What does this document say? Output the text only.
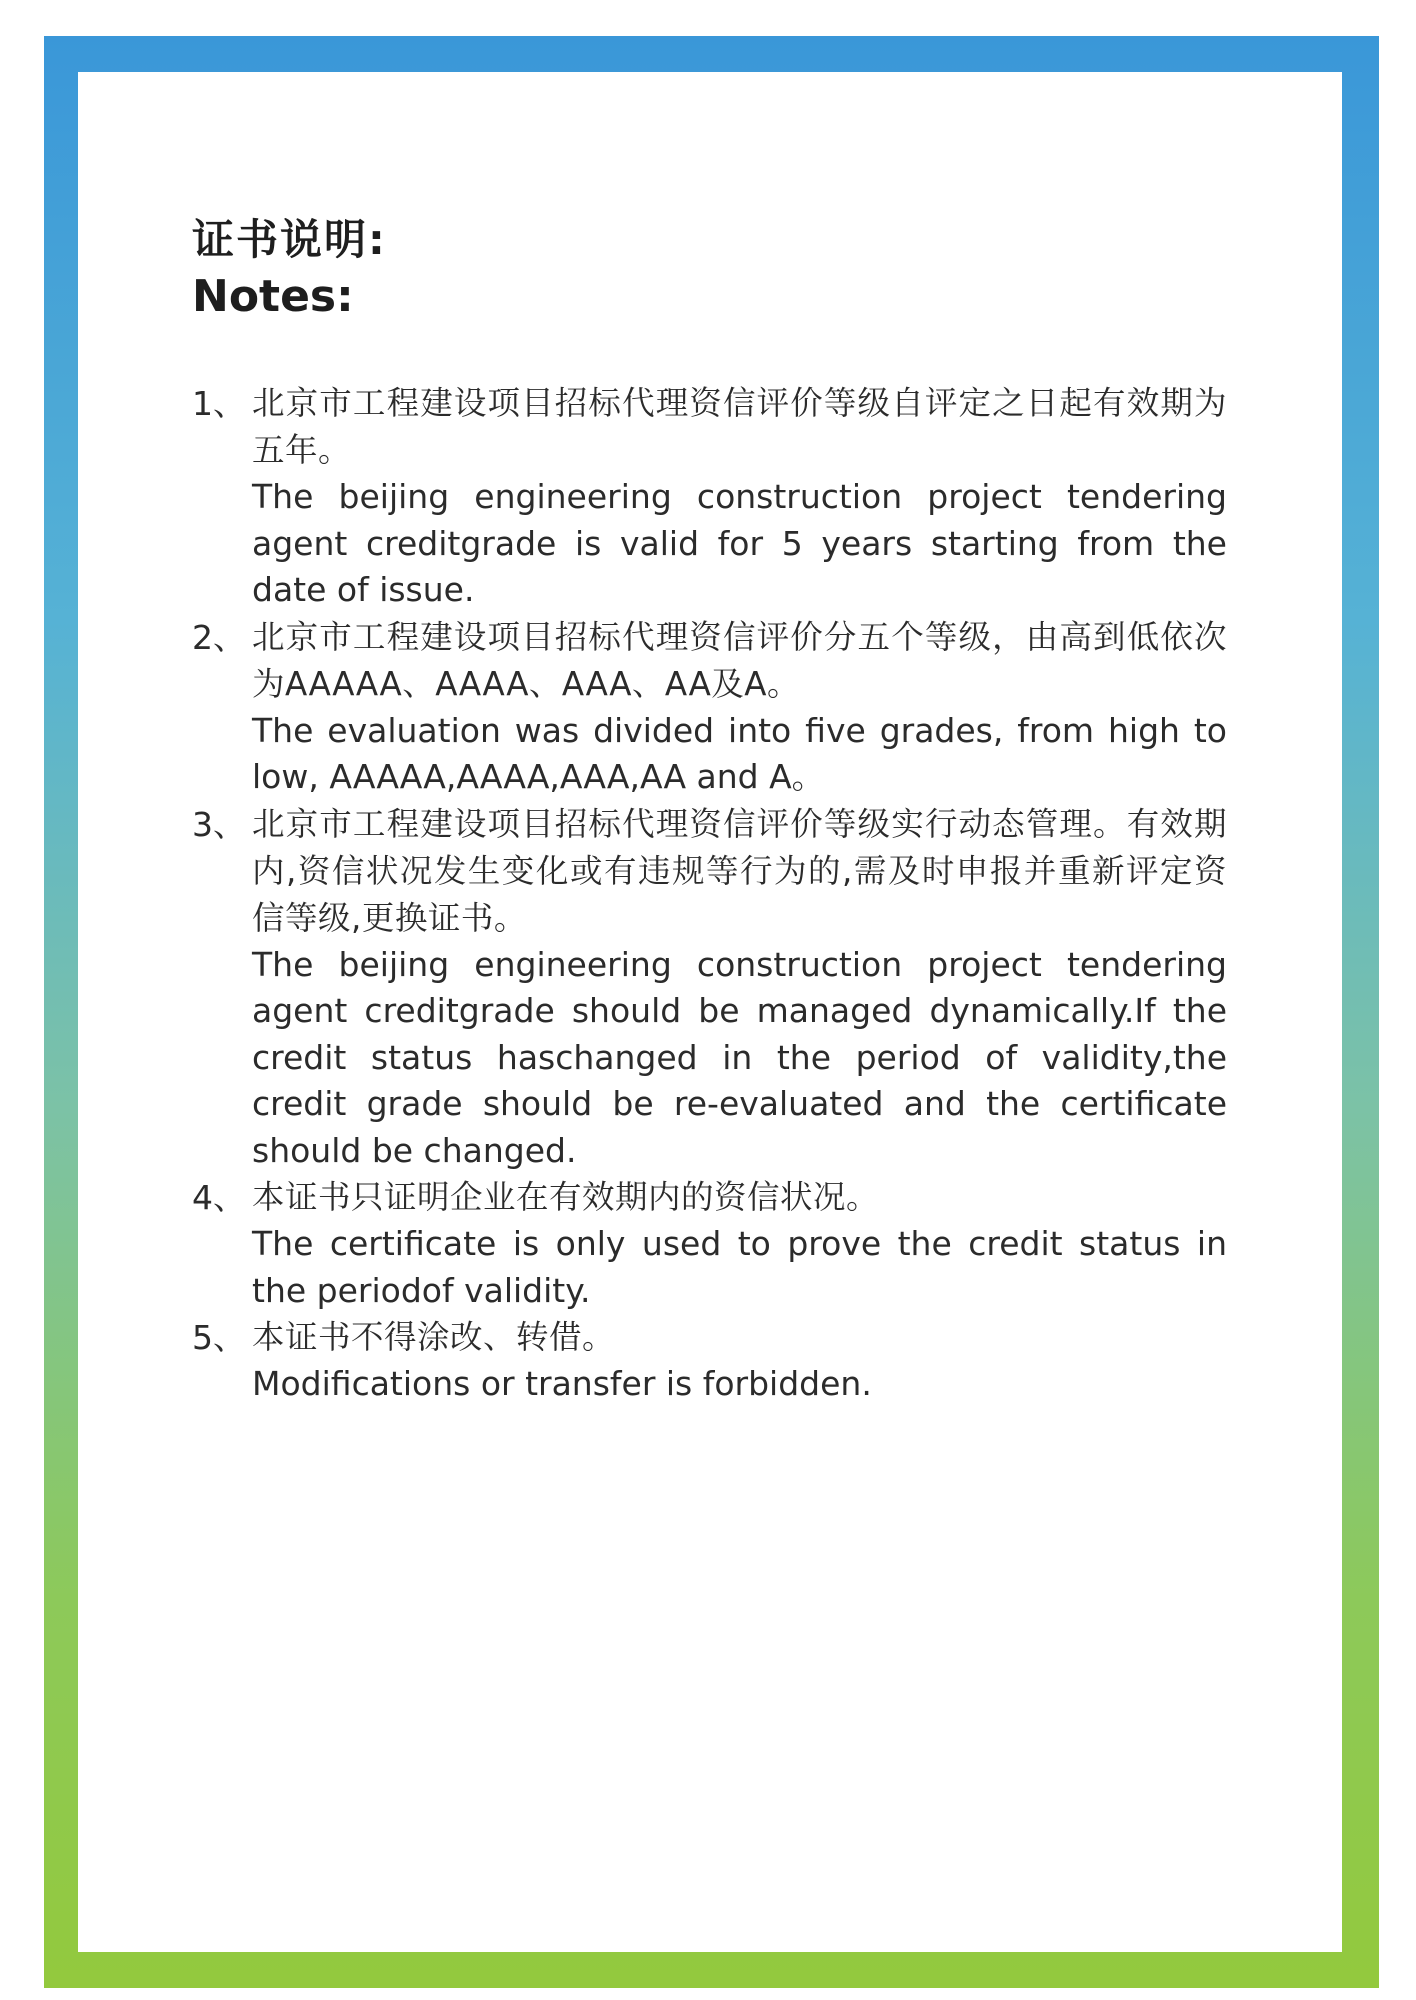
证书说明:
Notes:
1、 北京市工程建设项目招标代理资信评价等级自评定之日起有效期为五年。
The beijing engineering construction project tendering agent creditgrade is valid for 5 years starting from the date of issue.
2、 北京市工程建设项目招标代理资信评价分五个等级，由高到低依次为AAAAA、AAAA、AAA、AA及A。
The evaluation was divided into five grades, from high to low, AAAAA,AAAA,AAA,AA and A。
3、 北京市工程建设项目招标代理资信评价等级实行动态管理。有效期内,资信状况发生变化或有违规等行为的,需及时申报并重新评定资信等级,更换证书。
The beijing engineering construction project tendering agent creditgrade should be managed dynamically.If the credit status haschanged in the period of validity,the credit grade should be re-evaluated and the certificate should be changed.
4、 本证书只证明企业在有效期内的资信状况。
The certificate is only used to prove the credit status in the periodof validity.
5、 本证书不得涂改、转借。
Modifications or transfer is forbidden.
